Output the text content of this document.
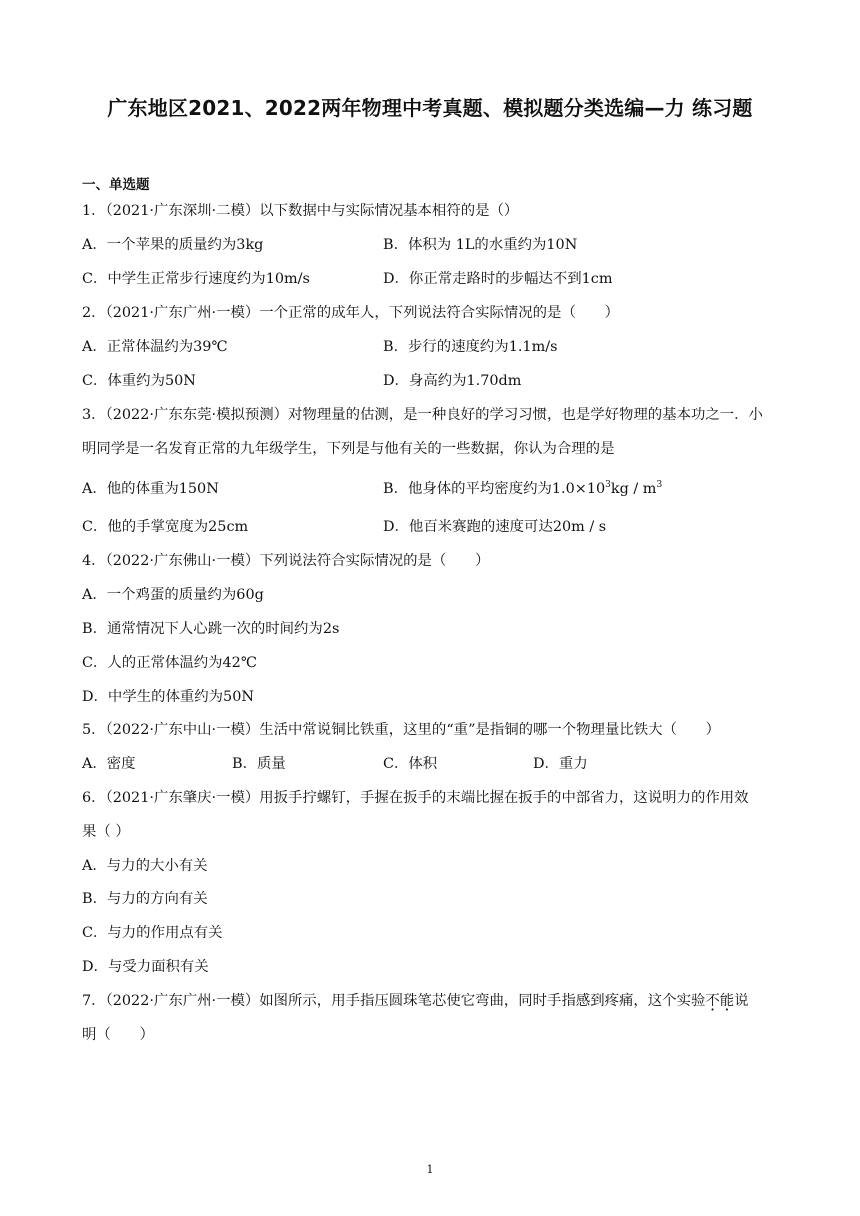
广东地区2021、2022两年物理中考真题、模拟题分类选编—力 练习题
一、单选题
1．（2021·广东深圳·二模）以下数据中与实际情况基本相符的是（）
A．一个苹果的质量约为3kg	B．体积为 1L的水重约为10N
C．中学生正常步行速度约为10m/s	D．你正常走路时的步幅达不到1cm
2．（2021·广东广州·一模）一个正常的成年人，下列说法符合实际情况的是（　　）
A．正常体温约为39℃	B．步行的速度约为1.1m/s
C．体重约为50N	D．身高约为1.70dm
3．（2022·广东东莞·模拟预测）对物理量的估测，是一种良好的学习习惯，也是学好物理的基本功之一．小
明同学是一名发育正常的九年级学生，下列是与他有关的一些数据，你认为合理的是
A．他的体重为150N	B．他身体的平均密度约为$1.0\times 10^3kg / m^3$
C．他的手掌宽度为25cm	D．他百米赛跑的速度可达20m / s
4．（2022·广东佛山·一模）下列说法符合实际情况的是（　　）
A．一个鸡蛋的质量约为60g
B．通常情况下人心跳一次的时间约为2s
C．人的正常体温约为42℃
D．中学生的体重约为50N
5．（2022·广东中山·一模）生活中常说铜比铁重，这里的“重”是指铜的哪一个物理量比铁大（　　）
A．密度	B．质量	C．体积	D．重力
6．（2021·广东肇庆·一模）用扳手拧螺钉，手握在扳手的末端比握在扳手的中部省力，这说明力的作用效
果（ ）
A．与力的大小有关
B．与力的方向有关
C．与力的作用点有关
D．与受力面积有关
7．（2022·广东广州·一模）如图所示，用手指压圆珠笔芯使它弯曲，同时手指感到疼痛，这个实验不能说
明（　　）
1
